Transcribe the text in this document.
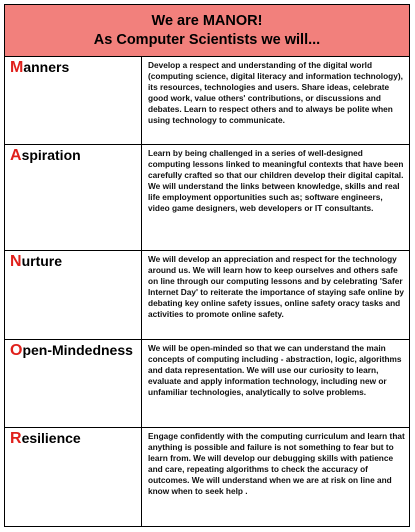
We are MANOR!
As Computer Scientists we will...
Manners	Develop a respect and understanding of the digital world (computing science, digital literacy and information technology), its resources, technologies and users. Share ideas, celebrate good work, value others' contributions, or discussions and debates. Learn to respect others and to always be polite when using technology to communicate.

Aspiration	Learn by being challenged in a series of well-designed computing lessons linked to meaningful contexts that have been carefully crafted so that our children develop their digital capital.

We will understand the links between knowledge, skills and real life employment opportunities such as; software engineers, video game designers, web developers or IT consultants.

Nurture	We will develop an appreciation and respect for the technology around us. We will learn how to keep ourselves and others safe on line through our computing lessons and by celebrating 'Safer Internet Day' to reiterate the importance of staying safe online by debating key online safety issues, online safety oracy tasks and activities to promote online safety.

Open-Mindedness	We will be open-minded so that we can understand the main concepts of computing including - abstraction, logic, algorithms and data representation. We will use our curiosity to learn, evaluate and apply information technology, including new or unfamiliar technologies, analytically to solve problems.

Resilience	Engage confidently with the computing curriculum and learn that anything is possible and failure is not something to fear but to learn from. We will develop our debugging skills with patience and care, repeating algorithms to check the accuracy of outcomes. We will understand when we are at risk on line and know when to seek help .
